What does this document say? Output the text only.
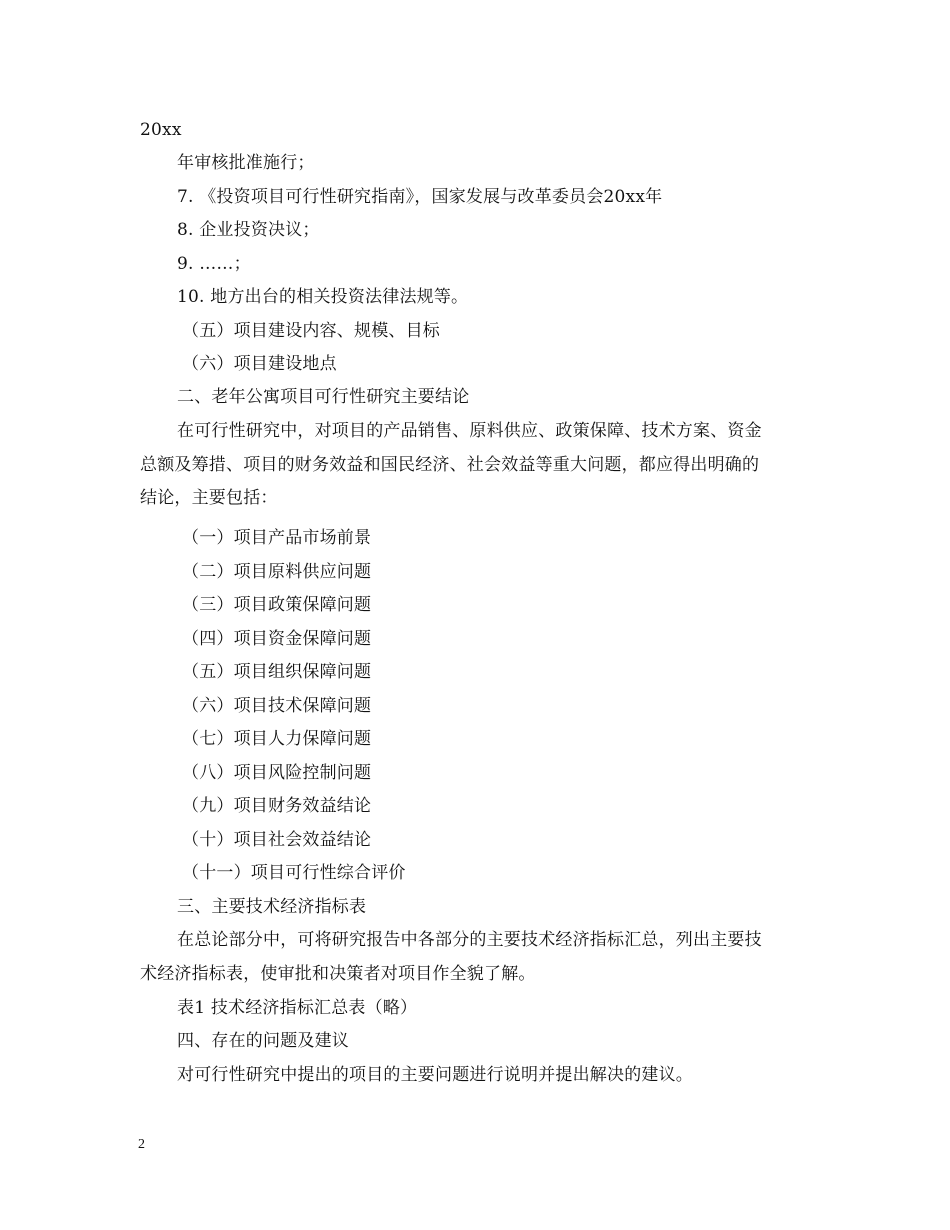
20xx
年审核批准施行；
7. 《投资项目可行性研究指南》，国家发展与改革委员会20xx年
8. 企业投资决议；
9. ……；
10. 地方出台的相关投资法律法规等。
（五）项目建设内容、规模、目标
（六）项目建设地点
二、老年公寓项目可行性研究主要结论
在可行性研究中，对项目的产品销售、原料供应、政策保障、技术方案、资金
总额及筹措、项目的财务效益和国民经济、社会效益等重大问题，都应得出明确的
结论，主要包括：
（一）项目产品市场前景
（二）项目原料供应问题
（三）项目政策保障问题
（四）项目资金保障问题
（五）项目组织保障问题
（六）项目技术保障问题
（七）项目人力保障问题
（八）项目风险控制问题
（九）项目财务效益结论
（十）项目社会效益结论
（十一）项目可行性综合评价
三、主要技术经济指标表
在总论部分中，可将研究报告中各部分的主要技术经济指标汇总，列出主要技
术经济指标表，使审批和决策者对项目作全貌了解。
表1 技术经济指标汇总表（略）
四、存在的问题及建议
对可行性研究中提出的项目的主要问题进行说明并提出解决的建议。
2
